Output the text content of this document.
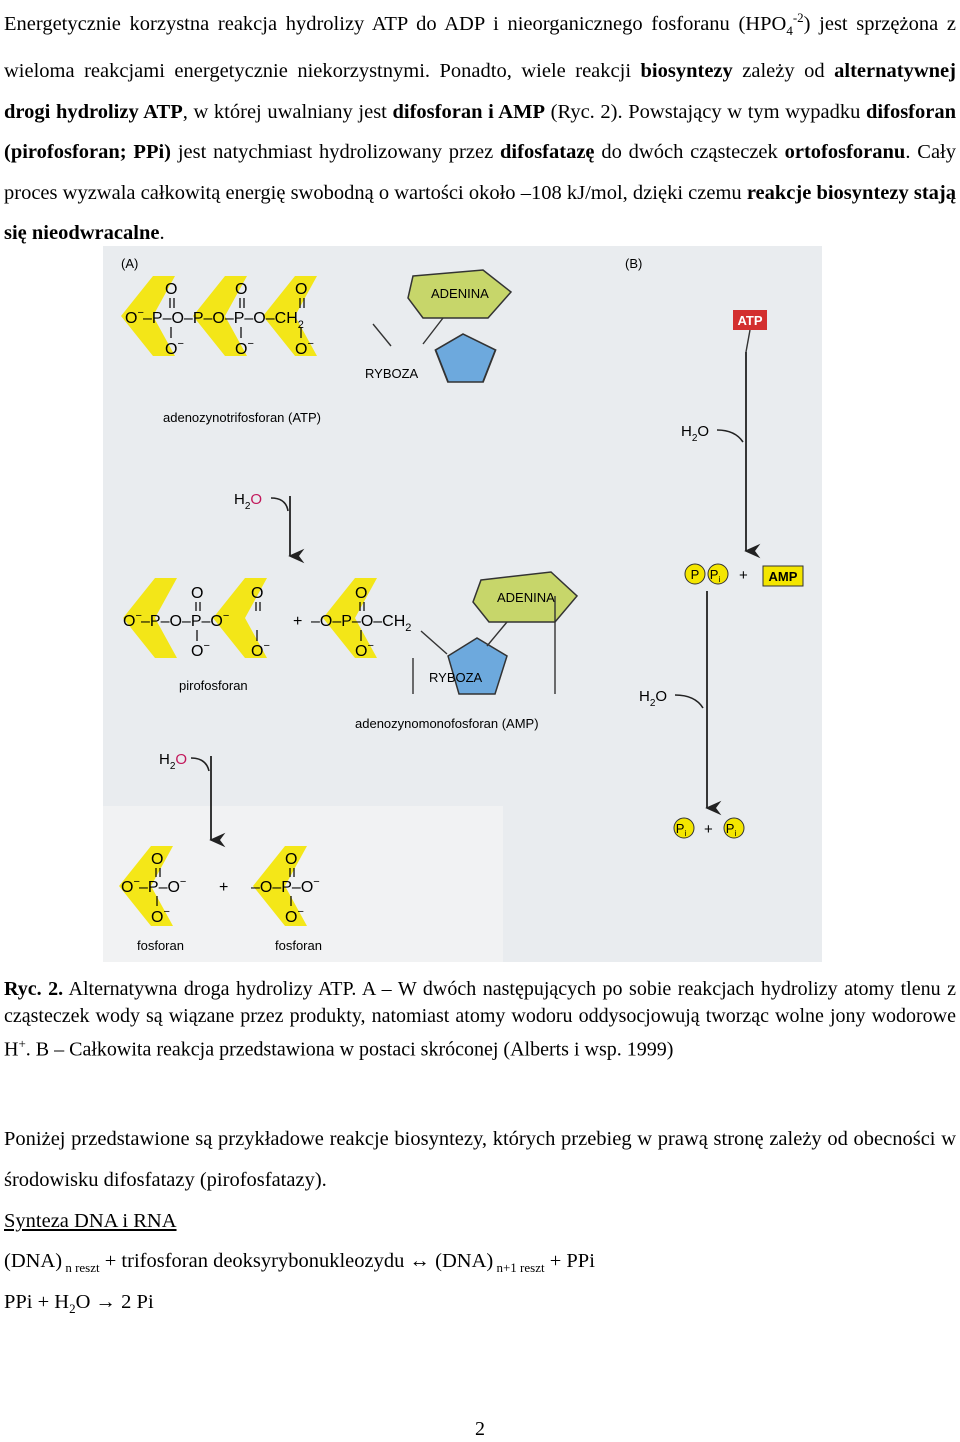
Energetycznie korzystna reakcja hydrolizy ATP do ADP i nieorganicznego fosforanu $(HPO_4^{-2})$ jest sprzężona z wieloma reakcjami energetycznie niekorzystnymi. Ponadto, wiele reakcji biosyntezy zależy od alternatywnej drogi hydrolizy ATP, w której uwalniany jest difosforan i AMP (Ryc. 2). Powstający w tym wypadku difosforan (pirofosforan; PPi) jest natychmiast hydrolizowany przez difosfatazę do dwóch cząsteczek ortofosforanu. Cały proces wyzwala całkowitą energię swobodną o wartości około –108 kJ/mol, dzięki czemu reakcje biosyntezy stają się nieodwracalne.
(A)	(B)
O	O	O
O− $-P-O-P-O-P-O-CH_2$
O−	O−	O−
ADENINA
RYBOZA
adenozynotrifosforan (ATP)
$H_2O$
O	O	O
O− –P–O–P–O−	+ $-O-P-O-CH_2$
O−	O−	O−
pirofosforan
ADENINA
RYBOZA
adenozynomonofosforan (AMP)
$H_2O$
O	O
O− –P–O− + –O–P–O−
O−	O−
fosforan	fosforan
ATP
$H_2O$
P $P_i$ + AMP
$H_2O$
$P_i + P_i$
Ryc. 2. Alternatywna droga hydrolizy ATP. A – W dwóch następujących po sobie reakcjach hydrolizy atomy tlenu z cząsteczek wody są wiązane przez produkty, natomiast atomy wodoru oddysocjowują tworząc wolne jony wodorowe H+. B – Całkowita reakcja przedstawiona w postaci skróconej (Alberts i wsp. 1999)
Poniżej przedstawione są przykładowe reakcje biosyntezy, których przebieg w prawą stronę zależy od obecności w środowisku difosfatazy (pirofosfatazy).
Synteza DNA i RNA
(DNA) $_{n reszt}$ + trifosforan deoksyrybonukleozydu ↔ (DNA) $_{n+1 reszt}$ + PPi
PPi + $H_2O \to 2$ Pi
2
